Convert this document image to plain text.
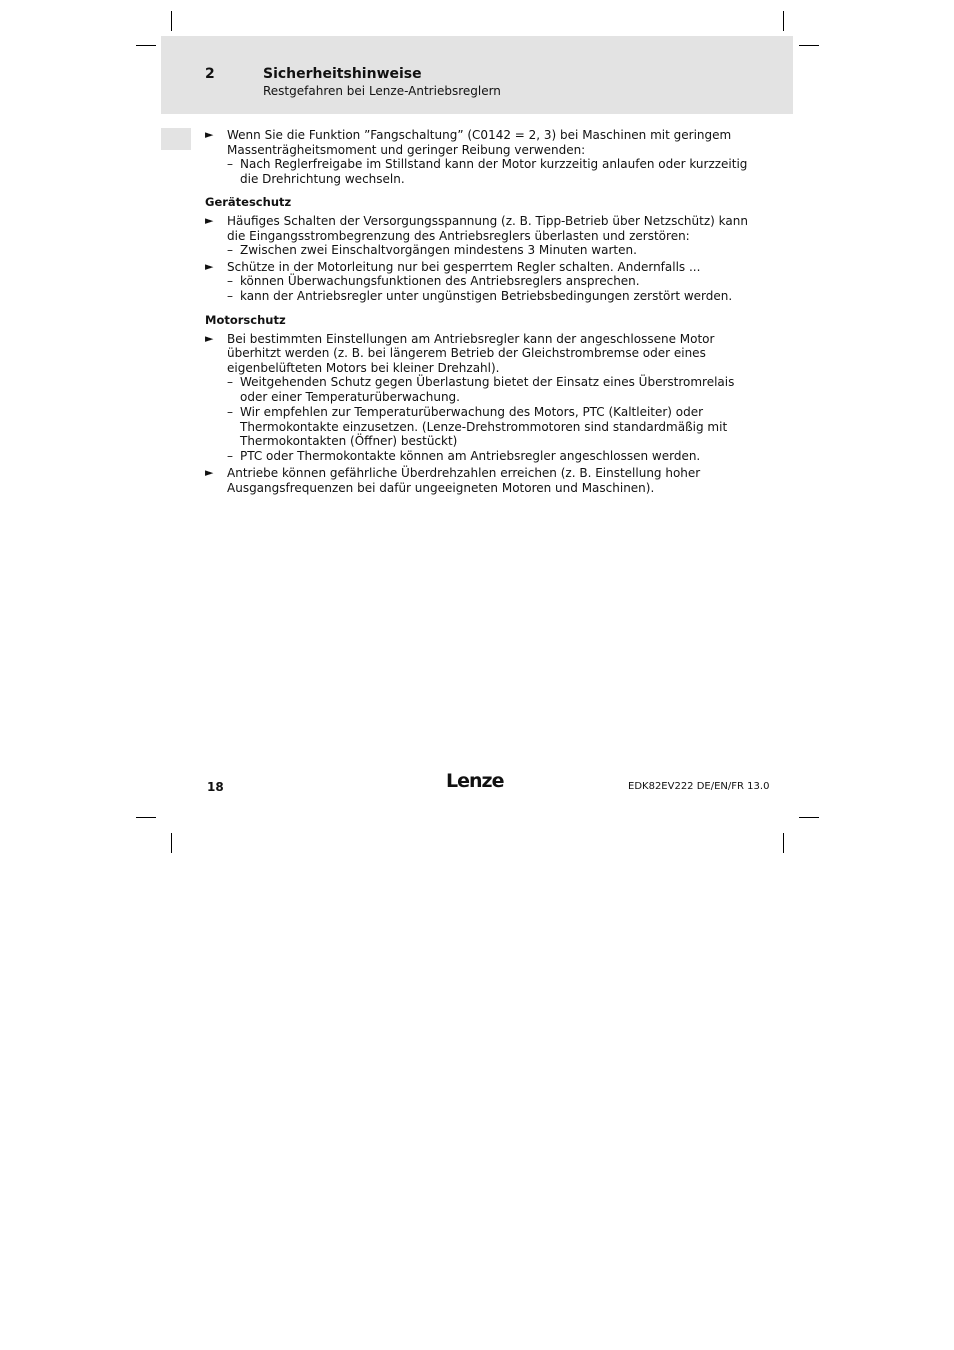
2	Sicherheitshinweise
Restgefahren bei Lenze-Antriebsreglern
► Wenn Sie die Funktion ”Fangschaltung” (C0142 = 2, 3) bei Maschinen mit geringem Massenträgheitsmoment und geringer Reibung verwenden:
– Nach Reglerfreigabe im Stillstand kann der Motor kurzzeitig anlaufen oder kurzzeitig die Drehrichtung wechseln.
Geräteschutz
► Häufiges Schalten der Versorgungsspannung (z. B. Tipp-Betrieb über Netzschütz) kann die Eingangsstrombegrenzung des Antriebsreglers überlasten und zerstören:
– Zwischen zwei Einschaltvorgängen mindestens 3 Minuten warten.
► Schütze in der Motorleitung nur bei gesperrtem Regler schalten. Andernfalls ...
– können Überwachungsfunktionen des Antriebsreglers ansprechen.
– kann der Antriebsregler unter ungünstigen Betriebsbedingungen zerstört werden.
Motorschutz
► Bei bestimmten Einstellungen am Antriebsregler kann der angeschlossene Motor überhitzt werden (z. B. bei längerem Betrieb der Gleichstrombremse oder eines eigenbelüfteten Motors bei kleiner Drehzahl).
– Weitgehenden Schutz gegen Überlastung bietet der Einsatz eines Überstromrelais oder einer Temperaturüberwachung.
– Wir empfehlen zur Temperaturüberwachung des Motors, PTC (Kaltleiter) oder Thermokontakte einzusetzen. (Lenze-Drehstrommotoren sind standardmäßig mit Thermokontakten (Öffner) bestückt)
– PTC oder Thermokontakte können am Antriebsregler angeschlossen werden.
► Antriebe können gefährliche Überdrehzahlen erreichen (z. B. Einstellung hoher Ausgangsfrequenzen bei dafür ungeeigneten Motoren und Maschinen).
18	Lenze	EDK82EV222 DE/EN/FR 13.0
